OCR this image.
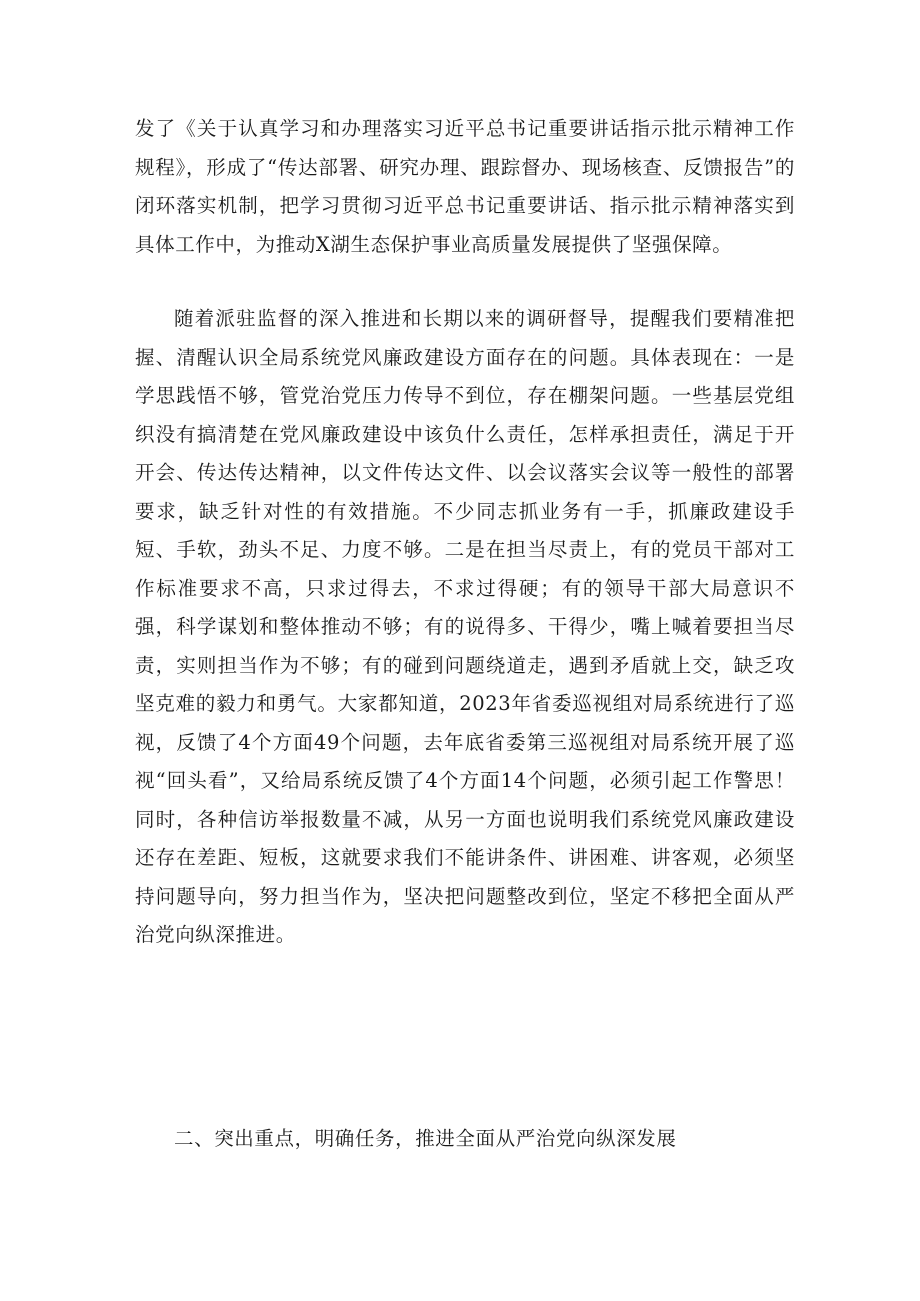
发了《关于认真学习和办理落实习近平总书记重要讲话指示批示精神工作规程》，形成了“传达部署、研究办理、跟踪督办、现场核查、反馈报告”的闭环落实机制，把学习贯彻习近平总书记重要讲话、指示批示精神落实到具体工作中，为推动X湖生态保护事业高质量发展提供了坚强保障。

随着派驻监督的深入推进和长期以来的调研督导，提醒我们要精准把握、清醒认识全局系统党风廉政建设方面存在的问题。具体表现在：一是学思践悟不够，管党治党压力传导不到位，存在棚架问题。一些基层党组织没有搞清楚在党风廉政建设中该负什么责任，怎样承担责任，满足于开开会、传达传达精神，以文件传达文件、以会议落实会议等一般性的部署要求，缺乏针对性的有效措施。不少同志抓业务有一手，抓廉政建设手短、手软，劲头不足、力度不够。二是在担当尽责上，有的党员干部对工作标准要求不高，只求过得去，不求过得硬；有的领导干部大局意识不强，科学谋划和整体推动不够；有的说得多、干得少，嘴上喊着要担当尽责，实则担当作为不够；有的碰到问题绕道走，遇到矛盾就上交，缺乏攻坚克难的毅力和勇气。大家都知道，2023年省委巡视组对局系统进行了巡视，反馈了4个方面49个问题，去年底省委第三巡视组对局系统开展了巡视“回头看”，又给局系统反馈了4个方面14个问题，必须引起工作警思！同时，各种信访举报数量不减，从另一方面也说明我们系统党风廉政建设还存在差距、短板，这就要求我们不能讲条件、讲困难、讲客观，必须坚持问题导向，努力担当作为，坚决把问题整改到位，坚定不移把全面从严治党向纵深推进。

二、突出重点，明确任务，推进全面从严治党向纵深发展
